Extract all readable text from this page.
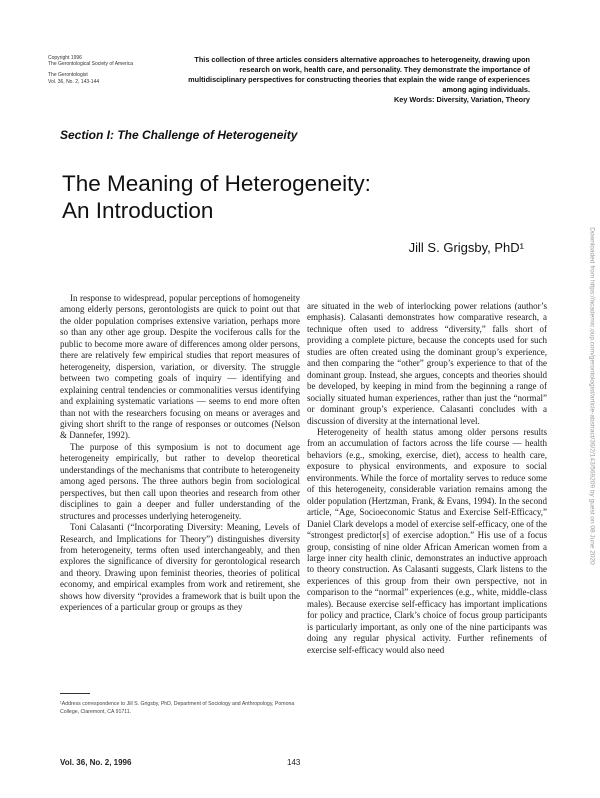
Copyright 1996
The Gerontological Society of America
The Gerontologist
Vol. 36, No. 2, 143-144

This collection of three articles considers alternative approaches to heterogeneity, drawing upon research on work, health care, and personality. They demonstrate the importance of multidisciplinary perspectives for constructing theories that explain the wide range of experiences among aging individuals.

Key Words: Diversity, Variation, Theory

Section I: The Challenge of Heterogeneity
The Meaning of Heterogeneity:
An Introduction
Jill S. Grigsby, PhD¹

In response to widespread, popular perceptions of homogeneity among elderly persons, gerontologists are quick to point out that the older population comprises extensive variation, perhaps more so than any other age group. Despite the vociferous calls for the public to become more aware of differences among older persons, there are relatively few empirical studies that report measures of heterogeneity, dispersion, variation, or diversity. The struggle between two competing goals of inquiry — identifying and explaining central tendencies or commonalities versus identifying and explaining systematic variations — seems to end more often than not with the researchers focusing on means or averages and giving short shrift to the range of responses or outcomes (Nelson & Dannefer, 1992).

The purpose of this symposium is not to document age heterogeneity empirically, but rather to develop theoretical understandings of the mechanisms that contribute to heterogeneity among aged persons. The three authors begin from sociological perspectives, but then call upon theories and research from other disciplines to gain a deeper and fuller understanding of the structures and processes underlying heterogeneity.

Toni Calasanti (“Incorporating Diversity: Meaning, Levels of Research, and Implications for Theory”) distinguishes diversity from heterogeneity, terms often used interchangeably, and then explores the significance of diversity for gerontological research and theory. Drawing upon feminist theories, theories of political economy, and empirical examples from work and retirement, she shows how diversity “provides a framework that is built upon the experiences of a particular group or groups as they

are situated in the web of interlocking power relations (author’s emphasis). Calasanti demonstrates how comparative research, a technique often used to address “diversity,” falls short of providing a complete picture, because the concepts used for such studies are often created using the dominant group’s experience, and then comparing the “other” group’s experience to that of the dominant group. Instead, she argues, concepts and theories should be developed, by keeping in mind from the beginning a range of socially situated human experiences, rather than just the “normal” or dominant group’s experience. Calasanti concludes with a discussion of diversity at the international level.

Heterogeneity of health status among older persons results from an accumulation of factors across the life course — health behaviors (e.g., smoking, exercise, diet), access to health care, exposure to physical environments, and exposure to social environments. While the force of mortality serves to reduce some of this heterogeneity, considerable variation remains among the older population (Hertzman, Frank, & Evans, 1994). In the second article, “Age, Socioeconomic Status and Exercise Self-Efficacy,” Daniel Clark develops a model of exercise self-efficacy, one of the “strongest predictor[s] of exercise adoption.” His use of a focus group, consisting of nine older African American women from a large inner city health clinic, demonstrates an inductive approach to theory construction. As Calasanti suggests, Clark listens to the experiences of this group from their own perspective, not in comparison to the “normal” experiences (e.g., white, middle-class males). Because exercise self-efficacy has important implications for policy and practice, Clark’s choice of focus group participants is particularly important, as only one of the nine participants was doing any regular physical activity. Further refinements of exercise self-efficacy would also need

¹Address correspondence to Jill S. Grigsby, PhD, Department of Sociology and Anthropology, Pomona College, Claremont, CA 91711.
Vol. 36, No. 2, 1996	143
Downloaded from https://academic.oup.com/gerontologist/article-abstract/36/2/143/569209 by guest on 08 June 2020
